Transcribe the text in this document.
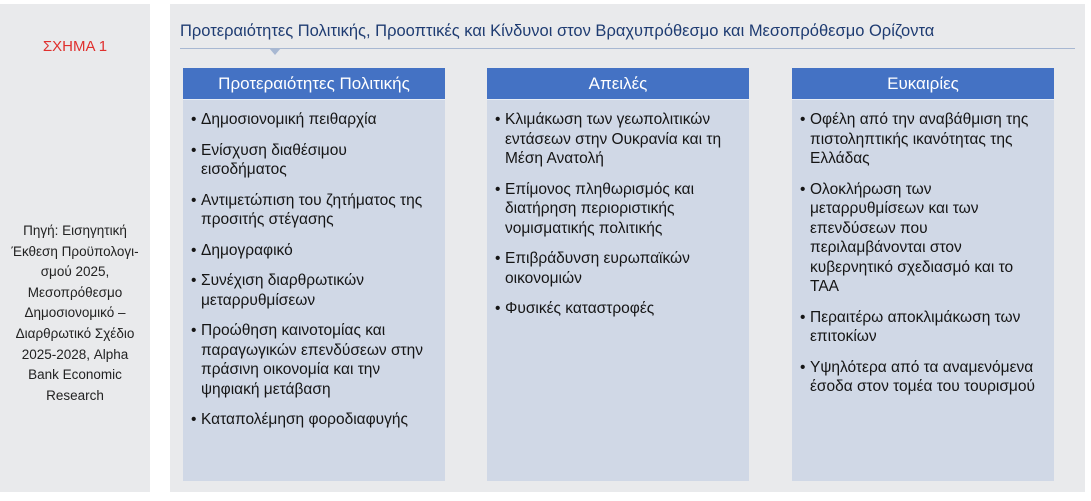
ΣΧΗΜΑ 1
Πηγή: Εισηγητική Έκθεση Προϋπολογι-σμού 2025, Μεσοπρόθεσμο Δημοσιονομικό – Διαρθρωτικό Σχέδιο 2025-2028, Alpha Bank Economic Research
Προτεραιότητες Πολιτικής, Προοπτικές και Κίνδυνοι στον Βραχυπρόθεσμο και Μεσοπρόθεσμο Ορίζοντα
Προτεραιότητες Πολιτικής
• Δημοσιονομική πειθαρχία
• Ενίσχυση διαθέσιμου εισοδήματος
• Αντιμετώπιση του ζητήματος της προσιτής στέγασης
• Δημογραφικό
• Συνέχιση διαρθρωτικών μεταρρυθμίσεων
• Προώθηση καινοτομίας και παραγωγικών επενδύσεων στην πράσινη οικονομία και την ψηφιακή μετάβαση
• Καταπολέμηση φοροδιαφυγής
Απειλές
• Κλιμάκωση των γεωπολιτικών εντάσεων στην Ουκρανία και τη Μέση Ανατολή
• Επίμονος πληθωρισμός και διατήρηση περιοριστικής νομισματικής πολιτικής
• Επιβράδυνση ευρωπαϊκών οικονομιών
• Φυσικές καταστροφές
Ευκαιρίες
• Οφέλη από την αναβάθμιση της πιστοληπτικής ικανότητας της Ελλάδας
• Ολοκλήρωση των μεταρρυθμίσεων και των επενδύσεων που περιλαμβάνονται στον κυβερνητικό σχεδιασμό και το ΤΑΑ
• Περαιτέρω αποκλιμάκωση των επιτοκίων
• Υψηλότερα από τα αναμενόμενα έσοδα στον τομέα του τουρισμού
